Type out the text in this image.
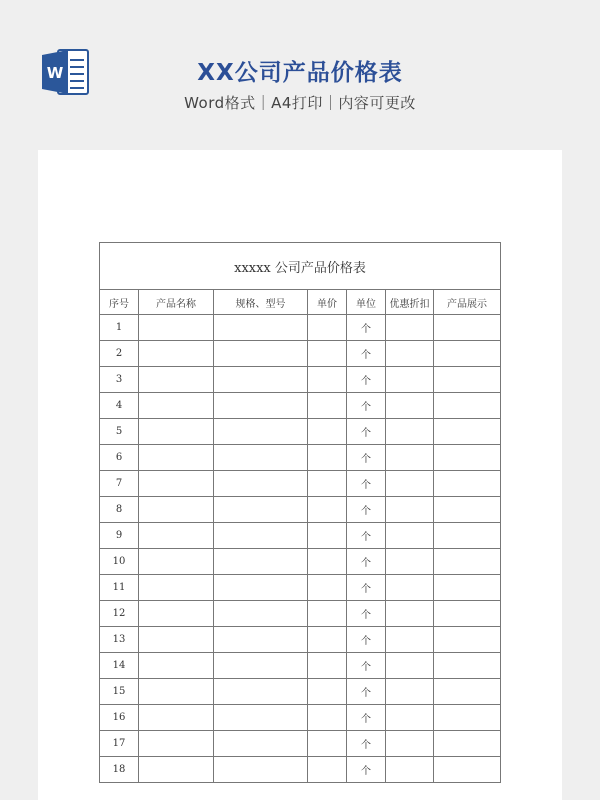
W	XX公司产品价格表
Word格式｜A4打印｜内容可更改
xxxxx 公司产品价格表						
序号	产品名称	规格、型号	单价	单位	优惠折扣	产品展示
1				个		
2				个		
3				个		
4				个		
5				个		
6				个		
7				个		
8				个		
9				个		
10				个		
11				个		
12				个		
13				个		
14				个		
15				个		
16				个		
17				个		
18				个		
